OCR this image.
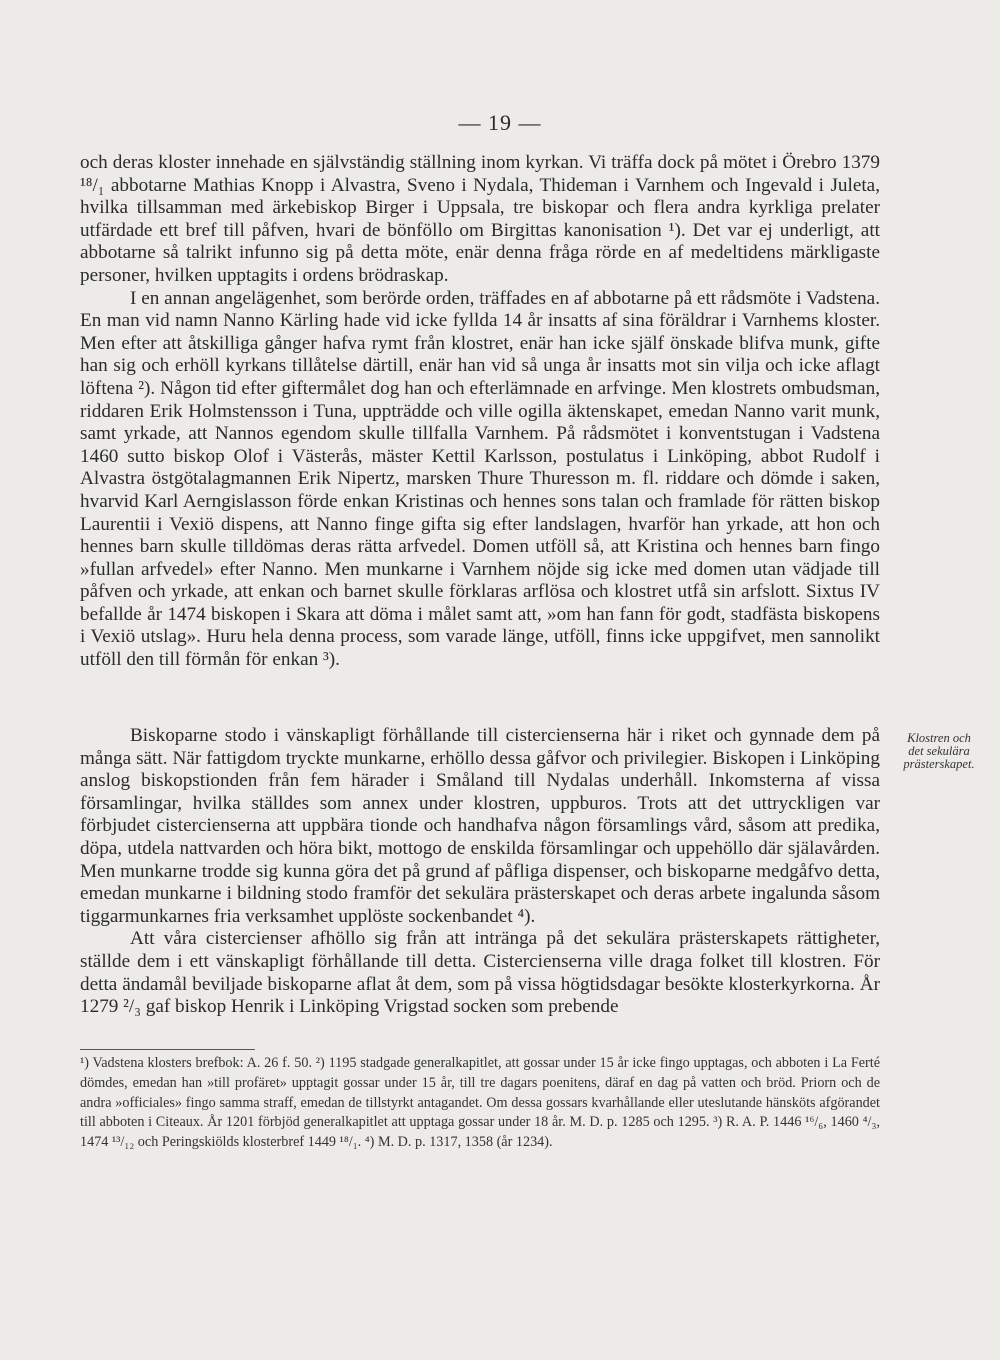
— 19 —

och deras kloster innehade en självständig ställning inom kyrkan. Vi träffa dock på mötet i Örebro 1379 ¹⁸/₁ abbotarne Mathias Knopp i Alvastra, Sveno i Nydala, Thideman i Varnhem och Ingevald i Juleta, hvilka tillsamman med ärkebiskop Birger i Uppsala, tre biskopar och flera andra kyrkliga prelater utfärdade ett bref till påfven, hvari de bönföllo om Birgittas kanonisation ¹). Det var ej underligt, att abbotarne så talrikt infunno sig på detta möte, enär denna fråga rörde en af medeltidens märkligaste personer, hvilken upptagits i ordens brödraskap.

I en annan angelägenhet, som berörde orden, träffades en af abbotarne på ett rådsmöte i Vadstena. En man vid namn Nanno Kärling hade vid icke fyllda 14 år insatts af sina föräldrar i Varnhems kloster. Men efter att åtskilliga gånger hafva rymt från klostret, enär han icke själf önskade blifva munk, gifte han sig och erhöll kyrkans tillåtelse därtill, enär han vid så unga år insatts mot sin vilja och icke aflagt löftena ²). Någon tid efter giftermålet dog han och efterlämnade en arfvinge. Men klostrets ombudsman, riddaren Erik Holmstensson i Tuna, uppträdde och ville ogilla äktenskapet, emedan Nanno varit munk, samt yrkade, att Nannos egendom skulle tillfalla Varnhem. På rådsmötet i konventstugan i Vadstena 1460 sutto biskop Olof i Västerås, mäster Kettil Karlsson, postulatus i Linköping, abbot Rudolf i Alvastra östgötalagmannen Erik Nipertz, marsken Thure Thuresson m. fl. riddare och dömde i saken, hvarvid Karl Aerngislasson förde enkan Kristinas och hennes sons talan och framlade för rätten biskop Laurentii i Vexiö dispens, att Nanno finge gifta sig efter landslagen, hvarför han yrkade, att hon och hennes barn skulle tilldömas deras rätta arfvedel. Domen utföll så, att Kristina och hennes barn fingo »fullan arfvedel» efter Nanno. Men munkarne i Varnhem nöjde sig icke med domen utan vädjade till påfven och yrkade, att enkan och barnet skulle förklaras arflösa och klostret utfå sin arfslott. Sixtus IV befallde år 1474 biskopen i Skara att döma i målet samt att, »om han fann för godt, stadfästa biskopens i Vexiö utslag». Huru hela denna process, som varade länge, utföll, finns icke uppgifvet, men sannolikt utföll den till förmån för enkan ³).

Biskoparne stodo i vänskapligt förhållande till cistercienserna här i riket och gynnade dem på många sätt. När fattigdom tryckte munkarne, erhöllo dessa gåfvor och privilegier. Biskopen i Linköping anslog biskopstionden från fem härader i Småland till Nydalas underhåll. Inkomsterna af vissa församlingar, hvilka ställdes som annex under klostren, uppburos. Trots att det uttryckligen var förbjudet cistercienserna att uppbära tionde och handhafva någon församlings vård, såsom att predika, döpa, utdela nattvarden och höra bikt, mottogo de enskilda församlingar och uppehöllo där själavården. Men munkarne trodde sig kunna göra det på grund af påfliga dispenser, och biskoparne medgåfvo detta, emedan munkarne i bildning stodo framför det sekulära prästerskapet och deras arbete ingalunda såsom tiggarmunkarnes fria verksamhet upplöste sockenbandet ⁴).

Att våra cistercienser afhöllo sig från att intränga på det sekulära prästerskapets rättigheter, ställde dem i ett vänskapligt förhållande till detta. Cistercienserna ville draga folket till klostren. För detta ändamål beviljade biskoparne aflat åt dem, som på vissa högtidsdagar besökte klosterkyrkorna. År 1279 ²/₃ gaf biskop Henrik i Linköping Vrigstad socken som prebende

Klostren och
det sekulära
prästerskapet.

¹) Vadstena klosters brefbok: A. 26 f. 50. ²) 1195 stadgade generalkapitlet, att gossar under 15 år icke fingo upptagas, och abboten i La Ferté dömdes, emedan han »till profäret» upptagit gossar under 15 år, till tre dagars poenitens, däraf en dag på vatten och bröd. Priorn och de andra »officiales» fingo samma straff, emedan de tillstyrkt antagandet. Om dessa gossars kvarhållande eller uteslutande hänsköts afgörandet till abboten i Citeaux. År 1201 förbjöd generalkapitlet att upptaga gossar under 18 år. M. D. p. 1285 och 1295. ³) R. A. P. 1446 ¹⁶/₆, 1460 ⁴/₃, 1474 ¹³/₁₂ och Peringskiölds klosterbref 1449 ¹⁸/₁. ⁴) M. D. p. 1317, 1358 (år 1234).
